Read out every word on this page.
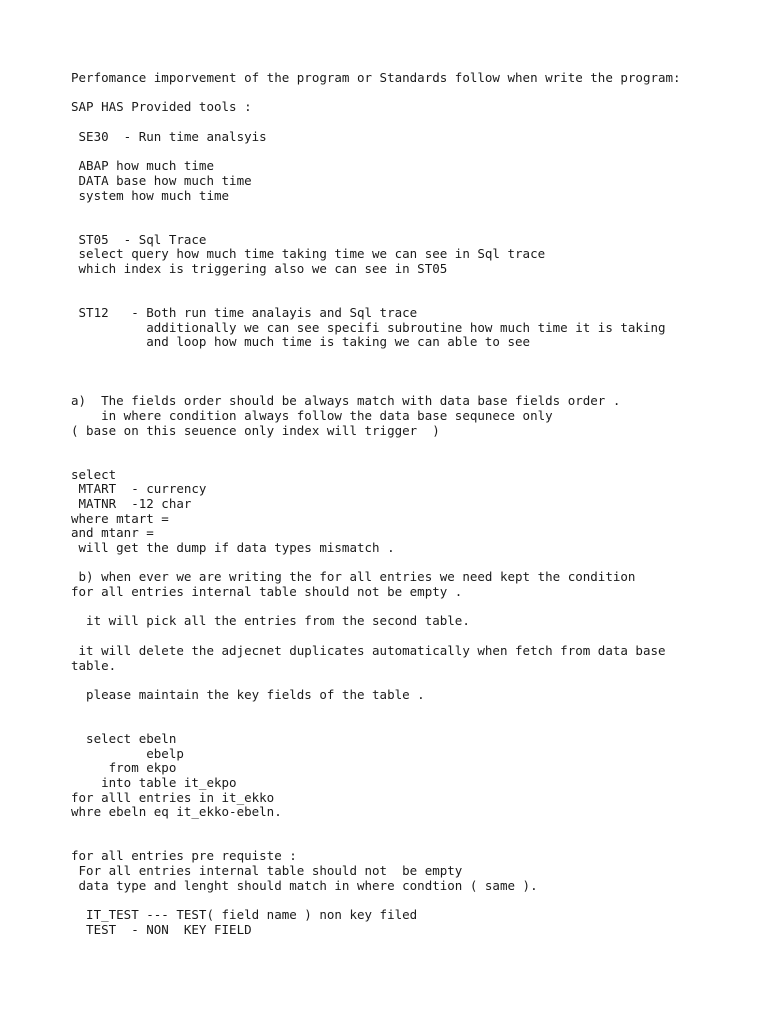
Perfomance imporvement of the program or Standards follow when write the program:
SAP HAS Provided tools :
SE30  - Run time analsyis
ABAP how much time
DATA base how much time
system how much time
ST05  - Sql Trace
select query how much time taking time we can see in Sql trace
which index is triggering also we can see in ST05
ST12   - Both run time analayis and Sql trace
additionally we can see specifi subroutine how much time it is taking
and loop how much time is taking we can able to see
a)  The fields order should be always match with data base fields order .
in where condition always follow the data base sequnece only
( base on this seuence only index will trigger  )
select
MTART  - currency
MATNR  -12 char
where mtart =
and mtanr =
will get the dump if data types mismatch .
b) when ever we are writing the for all entries we need kept the condition
for all entries internal table should not be empty .
it will pick all the entries from the second table.
it will delete the adjecnet duplicates automatically when fetch from data base
table.
please maintain the key fields of the table .
select ebeln
ebelp
from ekpo
into table it_ekpo
for alll entries in it_ekko
whre ebeln eq it_ekko-ebeln.
for all entries pre requiste :
For all entries internal table should not  be empty
data type and lenght should match in where condtion ( same ).
IT_TEST --- TEST( field name ) non key filed
TEST  - NON  KEY FIELD
